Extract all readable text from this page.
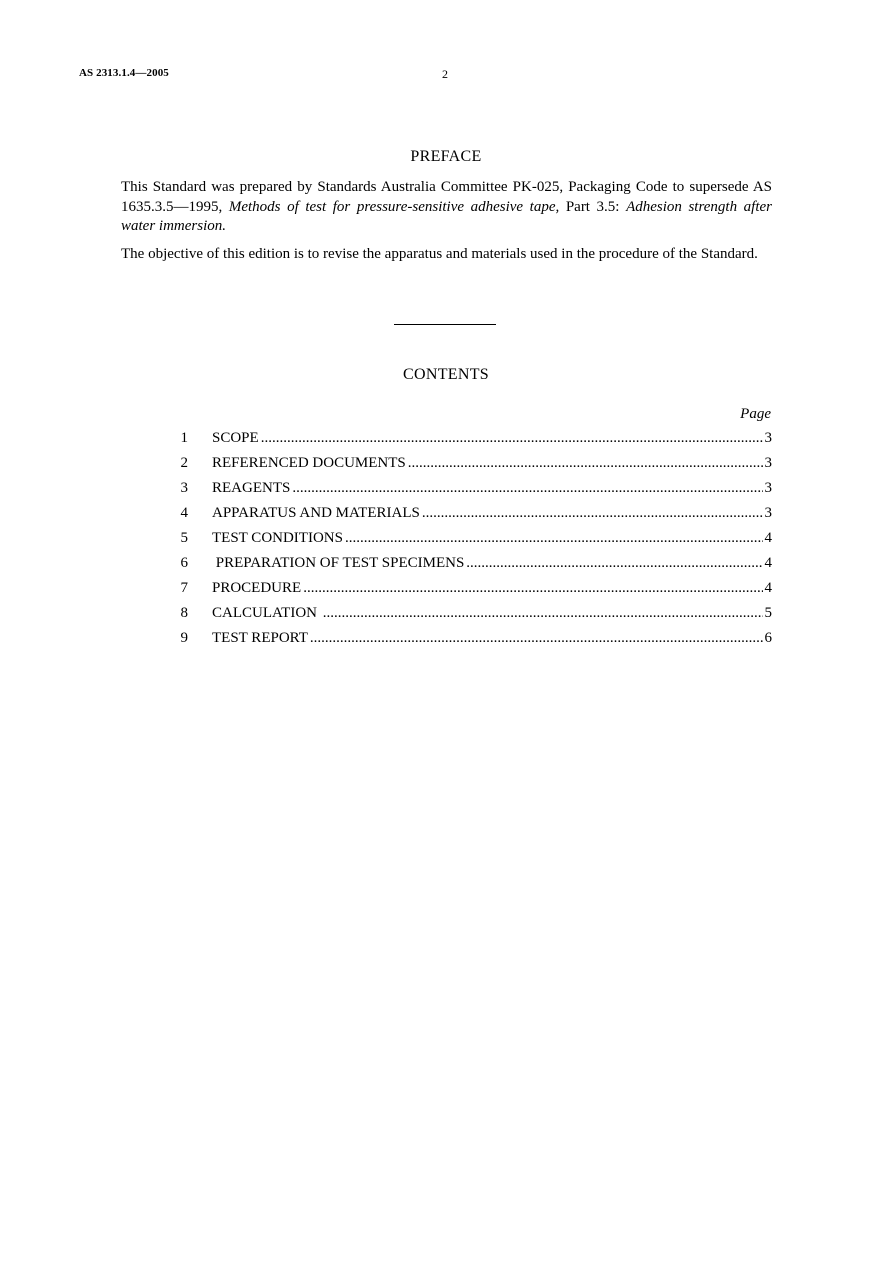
AS 2313.1.4—2005	2
PREFACE
This Standard was prepared by Standards Australia Committee PK-025, Packaging Code to supersede AS 1635.3.5—1995, Methods of test for pressure-sensitive adhesive tape, Part 3.5: Adhesion strength after water immersion.
The objective of this edition is to revise the apparatus and materials used in the procedure of the Standard.
CONTENTS
Page
1 SCOPE .....	3
2 REFERENCED DOCUMENTS .....	3
3 REAGENTS .....	3
4 APPARATUS AND MATERIALS .....	3
5 TEST CONDITIONS .....	4
6 PREPARATION OF TEST SPECIMENS .....	4
7 PROCEDURE .....	4
8 CALCULATION .....	5
9 TEST REPORT .....	6
